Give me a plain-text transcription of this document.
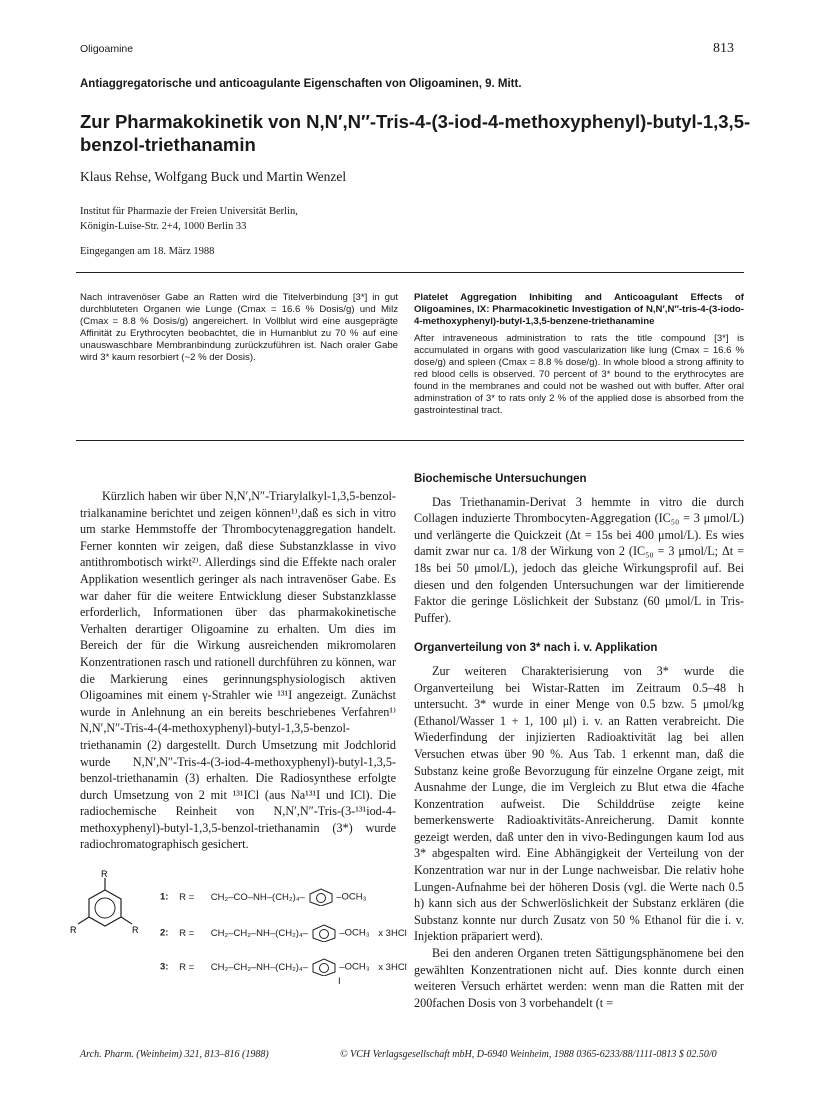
Oligoamine	813
Antiaggregatorische und anticoagulante Eigenschaften von Oligoaminen, 9. Mitt.
Zur Pharmakokinetik von N,N′,N″-Tris-4-(3-iod-4-methoxyphenyl)-butyl-1,3,5-benzol-triethanamin
Klaus Rehse, Wolfgang Buck und Martin Wenzel
Institut für Pharmazie der Freien Universität Berlin,
Königin-Luise-Str. 2+4, 1000 Berlin 33
Eingegangen am 18. März 1988
Nach intravenöser Gabe an Ratten wird die Titelverbindung [3*] in gut durchbluteten Organen wie Lunge (Cmax = 16.6 % Dosis/g) und Milz (Cmax = 8.8 % Dosis/g) angereichert. In Vollblut wird eine ausgeprägte Affinität zu Erythrocyten beobachtet, die in Humanblut zu 70 % auf eine unauswaschbare Membranbindung zurückzuführen ist. Nach oraler Gabe wird 3* kaum resorbiert (~2 % der Dosis).
Platelet Aggregation Inhibiting and Anticoagulant Effects of Oligoamines, IX: Pharmacokinetic Investigation of N,N′,N″-tris-4-(3-iodo-4-methoxyphenyl)-butyl-1,3,5-benzene-triethanamine
After intraveneous administration to rats the title compound [3*] is accumulated in organs with good vascularization like lung (Cmax = 16.6 % dose/g) and spleen (Cmax = 8.8 % dose/g). In whole blood a strong affinity to red blood cells is observed. 70 percent of 3* bound to the erythrocytes are found in the membranes and could not be washed out with buffer. After oral adminstration of 3* to rats only 2 % of the applied dose is absorbed from the gastrointestinal tract.

Kürzlich haben wir über N,N′,N″-Triarylalkyl-1,3,5-benzol-trialkanamine berichtet und zeigen können¹⁾,daß es sich in vitro um starke Hemmstoffe der Thrombocytenaggregation handelt. Ferner konnten wir zeigen, daß diese Substanzklasse in vivo antithrombotisch wirkt²⁾. Allerdings sind die Effekte nach oraler Applikation wesentlich geringer als nach intravenöser Gabe. Es war daher für die weitere Entwicklung dieser Substanzklasse erforderlich, Informationen über das pharmakokinetische Verhalten derartiger Oligoamine zu erhalten. Um dies im Bereich der für die Wirkung ausreichenden mikromolaren Konzentrationen rasch und rationell durchführen zu können, war die Markierung eines gerinnungsphysiologisch aktiven Oligoamines mit einem γ-Strahler wie ¹³¹I angezeigt. Zunächst wurde in Anlehnung an ein bereits beschriebenes Verfahren¹⁾ N,N′,N″-Tris-4-(4-methoxyphenyl)-butyl-1,3,5-benzol-triethanamin (2) dargestellt. Durch Umsetzung mit Jodchlorid wurde N,N′,N″-Tris-4-(3-iod-4-methoxyphenyl)-butyl-1,3,5-benzol-triethanamin (3) erhalten. Die Radiosynthese erfolgte durch Umsetzung von 2 mit ¹³¹ICl (aus Na¹³¹I und ICl). Die radiochemische Reinheit von N,N′,N″-Tris-(3-¹³¹iod-4-methoxyphenyl)-butyl-1,3,5-benzol-triethanamin (3*) wurde radiochromatographisch gesichert.

Biochemische Untersuchungen

Das Triethanamin-Derivat 3 hemmte in vitro die durch Collagen induzierte Thrombocyten-Aggregation (IC₅₀ = 3 μmol/L) und verlängerte die Quickzeit (Δt = 15s bei 400 μmol/L). Es wies damit zwar nur ca. 1/8 der Wirkung von 2 (IC₅₀ = 3 μmol/L; Δt = 18s bei 50 μmol/L), jedoch das gleiche Wirkungsprofil auf. Bei diesen und den folgenden Untersuchungen war der limitierende Faktor die geringe Löslichkeit der Substanz (60 μmol/L in Tris-Puffer).

Organverteilung von 3* nach i. v. Applikation

Zur weiteren Charakterisierung von 3* wurde die Organverteilung bei Wistar-Ratten im Zeitraum 0.5–48 h untersucht. 3* wurde in einer Menge von 0.5 bzw. 5 μmol/kg (Ethanol/Wasser 1 + 1, 100 μl) i. v. an Ratten verabreicht. Die Wiederfindung der injizierten Radioaktivität lag bei allen Versuchen etwas über 90 %. Aus Tab. 1 erkennt man, daß die Substanz keine große Bevorzugung für einzelne Organe zeigt, mit Ausnahme der Lunge, die im Vergleich zu Blut etwa die 4fache Konzentration aufweist. Die Schilddrüse zeigte keine bemerkenswerte Radioaktivitäts-Anreicherung. Damit konnte gezeigt werden, daß unter den in vivo-Bedingungen kaum Iod aus 3* abgespalten wird. Eine Abhängigkeit der Verteilung von der Konzentration war nur in der Lunge nachweisbar. Die relativ hohe Lungen-Aufnahme bei der höheren Dosis (vgl. die Werte nach 0.5 h) kann sich aus der Schwerlöslichkeit der Substanz erklären (die Substanz konnte nur durch Zusatz von 50 % Ethanol für die i. v. Injektion präpariert werd).

Bei den anderen Organen treten Sättigungsphänomene bei den gewählten Konzentrationen nicht auf. Dies konnte durch einen weiteren Versuch erhärtet werden: wenn man die Ratten mit der 200fachen Dosis von 3 vorbehandelt (t =

R
R	R
1: R = CH₂–CO–NH–(CH₂)₄–	–OCH₃
2: R = CH₂–CH₂–NH–(CH₂)₄–	–OCH₃ x 3HCl
3: R = CH₂–CH₂–NH–(CH₂)₄–	–OCH₃ x 3HCl
I
Arch. Pharm. (Weinheim) 321, 813–816 (1988)	© VCH Verlagsgesellschaft mbH, D-6940 Weinheim, 1988 0365-6233/88/1111-0813 $ 02.50/0
